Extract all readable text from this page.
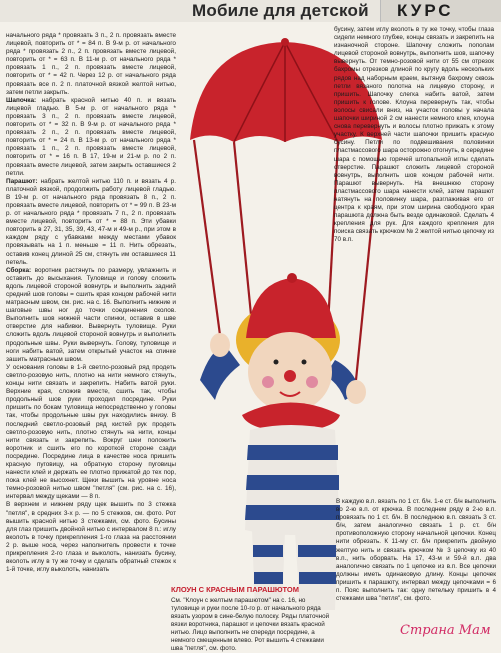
Мобиле для детской КУРС

начального ряда * провязать 3 п., 2 п. провязать вместе лицевой, повторить от * = 84 п. В 9-м р. от начального ряда * провязать 2 п., 2 п. провязать вместе лицевой, повторить от * = 63 п. В 11-м р. от начального ряда * провязать 1 п., 2 п. провязать вместе лицевой, повторить от * = 42 п. Через 12 р. от начального ряда провязать все п. 2 п. платочной вязкой желтой нитью, затем петли закрыть.

Шапочка: набрать красной нитью 40 п. и вязать лицевой гладью. В 5-м р. от начального ряда * провязать 3 п., 2 п. провязать вместе лицевой, повторить от * = 32 п. В 9-м р. от начального ряда * провязать 2 п., 2 п. провязать вместе лицевой, повторить от * = 24 п. В 13-м р. от начального ряда * провязать 1 п., 2 п. провязать вместе лицевой, повторить от * = 16 п. В 17, 19-м и 21-м р. по 2 п. провязать вместе лицевой, затем закрыть оставшиеся 2 петли.

Парашют: набрать желтой нитью 110 п. и вязать 4 р. платочной вязкой, продолжить работу лицевой гладью. В 19-м р. от начального ряда провязать 8 п., 2 п. провязать вместе лицевой, повторить от * = 99 п. В 23-м р. от начального ряда * провязать 7 п., 2 п. провязать вместе лицевой, повторить от * = 88 п. Эти убавки повторить в 27, 31, 35, 39, 43, 47-м и 49-м р., при этом в каждом ряду с убавками между местами убавок провязывать на 1 п. меньше = 11 п. Нить обрезать, оставив конец длиной 25 см, стянуть им оставшиеся 11 петель.

Сборка: воротник растянуть по размеру, увлажнить и оставить до высыхания. Туловище и голову сложить вдоль лицевой стороной вовнутрь и выполнить задний средний шов головы = сшить края концом рабочей нити матрасным швом, см. рис. на с. 16. Выполнить нижние и шаговые швы ног до точки соединения сколов. Выполнить шов нижней части спинки, оставив в шве отверстие для набивки. Вывернуть туловище. Руки сложить вдоль лицевой стороной вовнутрь и выполнить продольные швы. Руки вывернуть. Голову, туловище и ноги набить ватой, затем открытый участок на спинке зашить матрасным швом.

У основания головы в 1-й светло-розовый ряд продеть светло-розовую нить, плотно на нити немного стянуть, концы нити связать и закрепить. Набить ватой руки. Верхние края, сложив вместе, сшить так, чтобы продольный шов руки проходил посредине. Руки пришить по бокам туловища непосредственно у головы так, чтобы продольные швы рук находились внизу. В последний светло-розовый ряд кистей рук продеть светло-розовую нить, плотно стянуть на нити, концы нити связать и закрепить. Вокруг шеи положить воротник и сшить его по короткой стороне сзади посредине. Посредине лица в качестве носа пришить красную пуговицу, на обратную сторону пуговицы нанести клей и держать ее плотно прижатой до тех пор, пока клей не высохнет. Щеки вышить на уровне носа темно-розовой нитью швом "петля" (см. рис. на с. 16), интервал между щеками — 8 п.

В верхнем и нижнем ряду щек вышить по 3 стежка "петля", в средних 3-х р. — по 5 стежков, см. фото. Рот вышить красной нитью 3 стежками, см. фото. Бусины для глаз пришить двойной нитью с интервалом 8 п.: иглу вколоть в точку прикрепления 1-го глаза на расстоянии 2 р. выше носа, через наполнитель провести к точке прикрепления 2-го глаза и выколоть, нанизать бусину, вколоть иглу в ту же точку и сделать обратный стежок к 1-й точке, иглу выколоть, нанизать

бусину, затем иглу вколоть в ту же точку, чтобы глаза сидели немного глубже, концы связать и закрепить на изнаночной стороне. Шапочку сложить пополам лицевой стороной вовнутрь, выполнить шов, шапочку вывернуть. От темно-розовой нити от 55 см отрезок бахромы отрезков длиной по кругу вдоль нескольких рядов над наборным краем, вытянув бахрому сквозь петли вязаного полотна на лицевую сторону, и пришить. Шапочку слегка набить ватой, затем пришить к голове. Клоуна перевернуть так, чтобы волосы свисали вниз, на участок головы у начала шапочки шириной 2 см нанести немного клея, клоуна снова перевернуть и волосы плотно прижать к этому участку. К верхней части шапочки пришить красную бусину. Петли по подвешивания половинки пластмассового шара осторожно отогнуть, в середине шара с помощью горячей штопальной иглы сделать отверстие. Парашют сложить лицевой стороной вовнутрь, выполнить шов концом рабочей нити. Парашют вывернуть. На внешнюю сторону пластмассового шара нанести клей, затем парашют натянуть на половинку шара, разглаживая его от центра к краям, при этом ширина свободного края парашюта должна быть везде одинаковой. Сделать 4 крепления для рук. Для каждого крепления для поиска связать крючком № 2 желтой нитью цепочку из 70 в.п.

В каждую в.п. вязать по 1 ст. б/н. 1-е ст. б/н выполнить во 2-ю в.п. от крючка. В последнем ряду в 2-ю в.п. провязать по 1 ст. б/н. В последнюю в.п. связать 3 ст. б/н, затем аналогично связать 1 р. ст. б/н противоположную сторону начальной цепочки. Конец нити обрезать. К 11-му ст. б/н прикрепить двойную желтую нить и связать крючком № 3 цепочку из 40 в.п., нить оборвать. На 17, 43-м и 59-й в.п. два аналогично связать по 1 цепочке из в.п. Все цепочки должны иметь одинаковую длину. Концы цепочек пришить к парашюту, интервал между цепочками = 6 п. Пояс выполнить так: одну петельку пришить в 4 стежками шва "петля", см. фото.

КЛОУН С КРАСНЫМ ПАРАШЮТОМ
См. "Клоун с желтым парашютом" на с. 16, но туловище и руки после 10-го р. от начального ряда вязать узором в сине-белую полоску. Ряды платочной вязки воротника, парашют и цепочки вязать красной нитью. Лицо выполнить не спереди посредине, а немного смещенным влево. Рот вышить 4 стежками шва "петля", см. фото.
Страна Мам
